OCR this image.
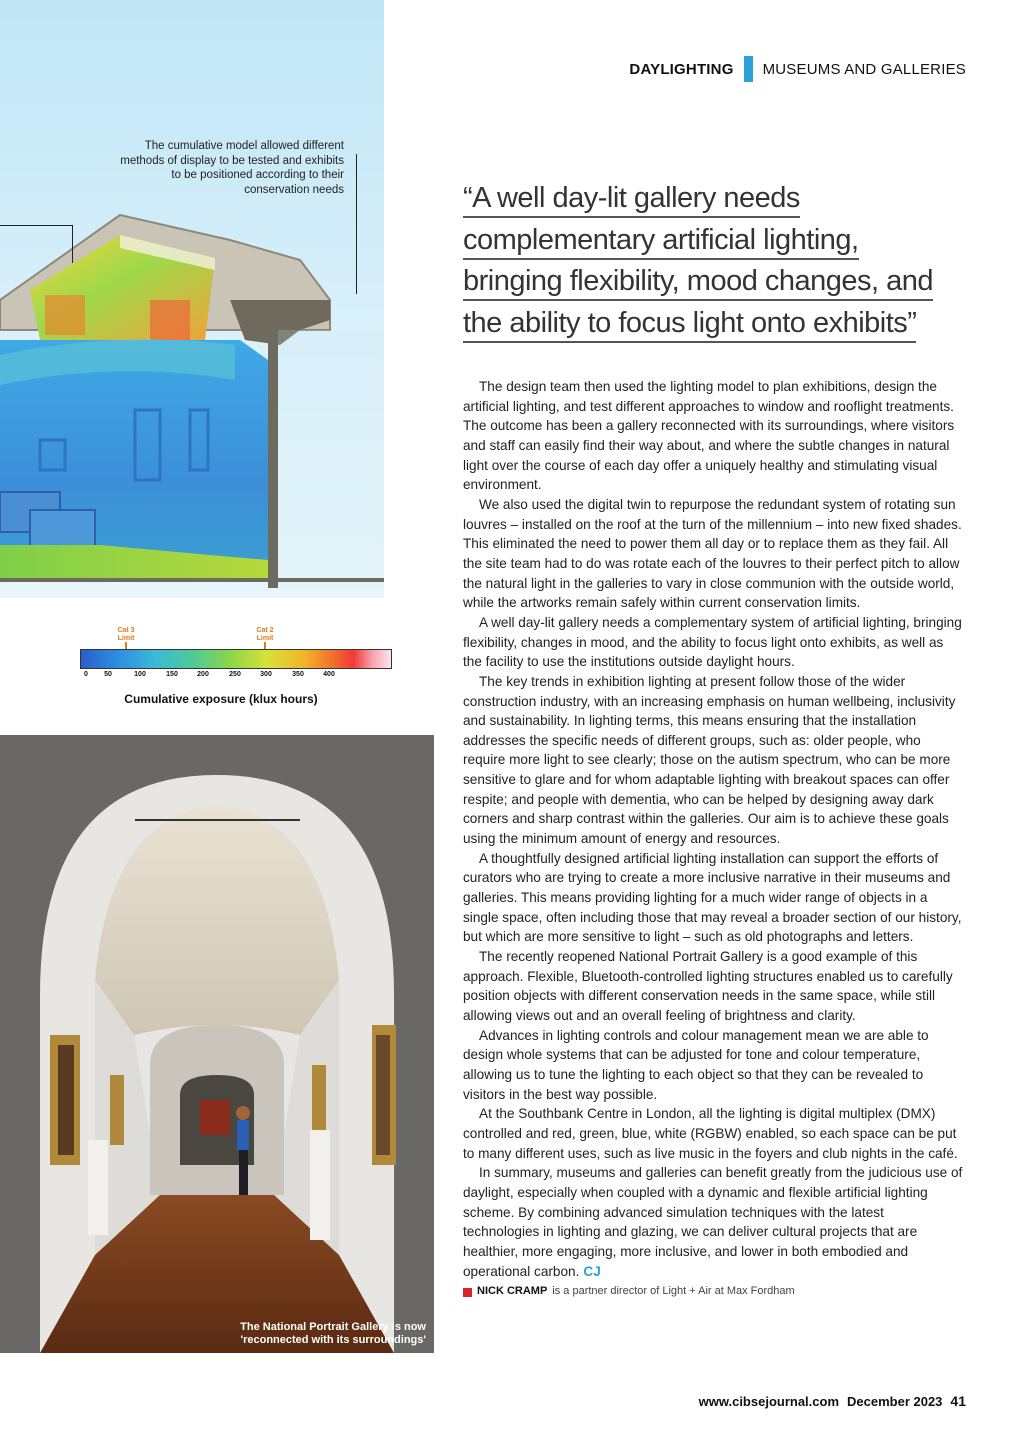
DAYLIGHTING MUSEUMS AND GALLERIES
The cumulative model allowed different methods of display to be tested and exhibits to be positioned according to their conservation needs
Cat 3 Limit
Cat 2 Limit
0 50	100	150	200	250	300	350	400
Cumulative exposure (klux hours)
The National Portrait Gallery is now
'reconnected with its surroundings'
“A well day-lit gallery needs
complementary artificial lighting,
bringing flexibility, mood changes, and
the ability to focus light onto exhibits”

The design team then used the lighting model to plan exhibitions, design the artificial lighting, and test different approaches to window and rooflight treatments. The outcome has been a gallery reconnected with its surroundings, where visitors and staff can easily find their way about, and where the subtle changes in natural light over the course of each day offer a uniquely healthy and stimulating visual environment.

We also used the digital twin to repurpose the redundant system of rotating sun louvres – installed on the roof at the turn of the millennium – into new fixed shades. This eliminated the need to power them all day or to replace them as they fail. All the site team had to do was rotate each of the louvres to their perfect pitch to allow the natural light in the galleries to vary in close communion with the outside world, while the artworks remain safely within current conservation limits.

A well day-lit gallery needs a complementary system of artificial lighting, bringing flexibility, changes in mood, and the ability to focus light onto exhibits, as well as the facility to use the institutions outside daylight hours.

The key trends in exhibition lighting at present follow those of the wider construction industry, with an increasing emphasis on human wellbeing, inclusivity and sustainability. In lighting terms, this means ensuring that the installation addresses the specific needs of different groups, such as: older people, who require more light to see clearly; those on the autism spectrum, who can be more sensitive to glare and for whom adaptable lighting with breakout spaces can offer respite; and people with dementia, who can be helped by designing away dark corners and sharp contrast within the galleries. Our aim is to achieve these goals using the minimum amount of energy and resources.

A thoughtfully designed artificial lighting installation can support the efforts of curators who are trying to create a more inclusive narrative in their museums and galleries. This means providing lighting for a much wider range of objects in a single space, often including those that may reveal a broader section of our history, but which are more sensitive to light – such as old photographs and letters.

The recently reopened National Portrait Gallery is a good example of this approach. Flexible, Bluetooth-controlled lighting structures enabled us to carefully position objects with different conservation needs in the same space, while still allowing views out and an overall feeling of brightness and clarity.

Advances in lighting controls and colour management mean we are able to design whole systems that can be adjusted for tone and colour temperature, allowing us to tune the lighting to each object so that they can be revealed to visitors in the best way possible.

At the Southbank Centre in London, all the lighting is digital multiplex (DMX) controlled and red, green, blue, white (RGBW) enabled, so each space can be put to many different uses, such as live music in the foyers and club nights in the café.

In summary, museums and galleries can benefit greatly from the judicious use of daylight, especially when coupled with a dynamic and flexible artificial lighting scheme. By combining advanced simulation techniques with the latest technologies in lighting and glazing, we can deliver cultural projects that are healthier, more engaging, more inclusive, and lower in both embodied and operational carbon. CJ

NICK CRAMP is a partner director of Light + Air at Max Fordham
www.cibsejournal.com December 2023 41
